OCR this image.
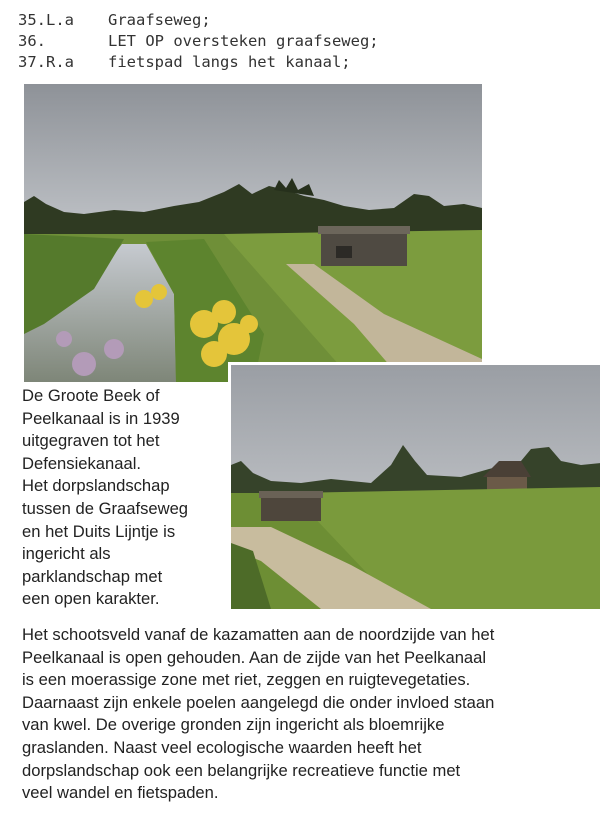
35.L.a Graafseweg;
36.	LET OP oversteken graafseweg;
37.R.a fietspad langs het kanaal;
De Groote Beek of
Peelkanaal is in 1939
uitgegraven tot het
Defensiekanaal.
Het dorpslandschap
tussen de Graafseweg
en het Duits Lijntje is
ingericht als
parklandschap met
een open karakter.
Het schootsveld vanaf de kazamatten aan de noordzijde van het
Peelkanaal is open gehouden. Aan de zijde van het Peelkanaal
is een moerassige zone met riet, zeggen en ruigtevegetaties.
Daarnaast zijn enkele poelen aangelegd die onder invloed staan
van kwel. De overige gronden zijn ingericht als bloemrijke
graslanden. Naast veel ecologische waarden heeft het
dorpslandschap ook een belangrijke recreatieve functie met
veel wandel en fietspaden.
